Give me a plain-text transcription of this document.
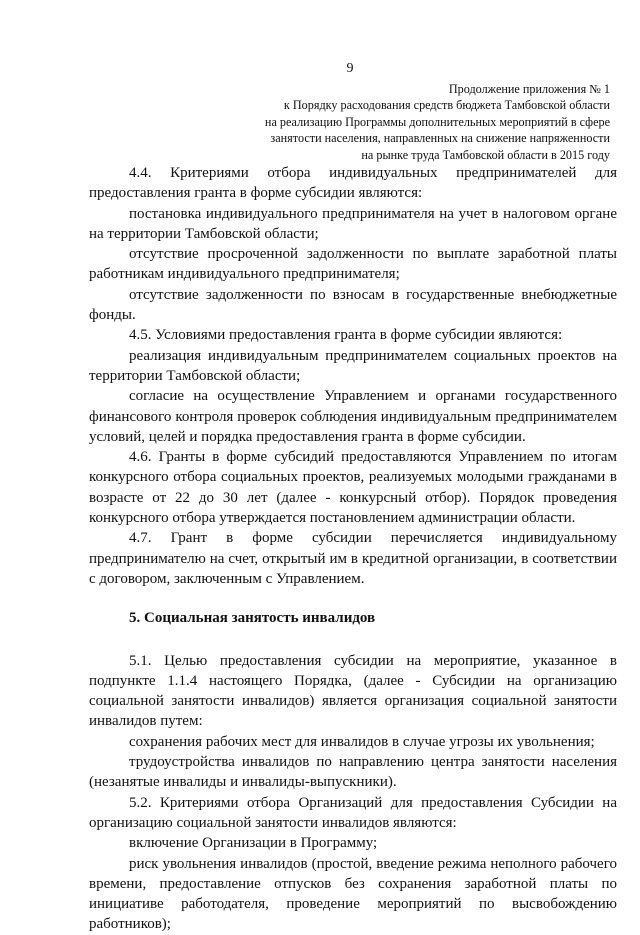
9
Продолжение приложения № 1
к Порядку расходования средств бюджета Тамбовской области
на реализацию Программы дополнительных мероприятий в сфере
занятости населения, направленных на снижение напряженности
на рынке труда Тамбовской области в 2015 году

4.4. Критериями отбора индивидуальных предпринимателей для предоставления гранта в форме субсидии являются:

постановка индивидуального предпринимателя на учет в налоговом органе на территории Тамбовской области;

отсутствие просроченной задолженности по выплате заработной платы работникам индивидуального предпринимателя;

отсутствие задолженности по взносам в государственные внебюджетные фонды.

4.5. Условиями предоставления гранта в форме субсидии являются:

реализация индивидуальным предпринимателем социальных проектов на территории Тамбовской области;

согласие на осуществление Управлением и органами государственного финансового контроля проверок соблюдения индивидуальным предпринимателем условий, целей и порядка предоставления гранта в форме субсидии.

4.6. Гранты в форме субсидий предоставляются Управлением по итогам конкурсного отбора социальных проектов, реализуемых молодыми гражданами в возрасте от 22 до 30 лет (далее - конкурсный отбор). Порядок проведения конкурсного отбора утверждается постановлением администрации области.

4.7. Грант в форме субсидии перечисляется индивидуальному предпринимателю на счет, открытый им в кредитной организации, в соответствии с договором, заключенным с Управлением.

5. Социальная занятость инвалидов

5.1. Целью предоставления субсидии на мероприятие, указанное в подпункте 1.1.4 настоящего Порядка, (далее - Субсидии на организацию социальной занятости инвалидов) является организация социальной занятости инвалидов путем:

сохранения рабочих мест для инвалидов в случае угрозы их увольнения;

трудоустройства инвалидов по направлению центра занятости населения (незанятые инвалиды и инвалиды-выпускники).

5.2. Критериями отбора Организаций для предоставления Субсидии на организацию социальной занятости инвалидов являются:

включение Организации в Программу;

риск увольнения инвалидов (простой, введение режима неполного рабочего времени, предоставление отпусков без сохранения заработной платы по инициативе работодателя, проведение мероприятий по высвобождению работников);
